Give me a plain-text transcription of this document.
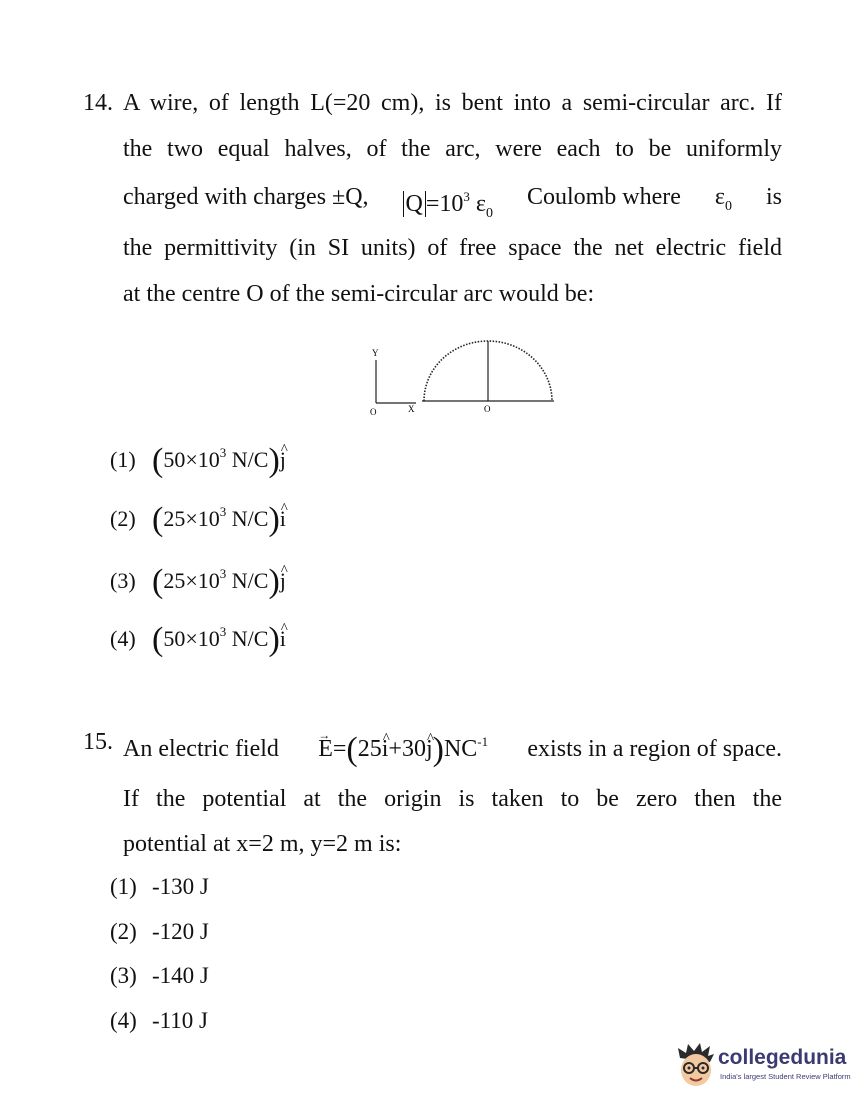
14. A wire, of length L(=20 cm), is bent into a semi-circular arc. If
the two equal halves, of the arc, were each to be uniformly
charged with charges ±Q, $Q =10^3$ $\varepsilon_0$
Coulomb where $\varepsilon_0$ is
the permittivity (in SI units) of free space the net electric field
at the centre O of the semi-circular arc would be:
Y
X
O	O
(1) ($50\times 10^3$ N/C)^ j
(2) ($25\times 10^3$ N/C)^ i
(3) ($25\times 10^3$ N/C)^ j
(4) ($50\times 10^3$ N/C)^ i
15. An electric field
→ E=(25^ i+30^ $j)NC^{-1}$ exists in a region of space.
If the potential at the origin is taken to be zero then the
potential at x=2 m, y=2 m is:
(1) -130 J
(2) -120 J
(3) -140 J
(4) -110 J
collegedunia
India's largest Student Review Platform
